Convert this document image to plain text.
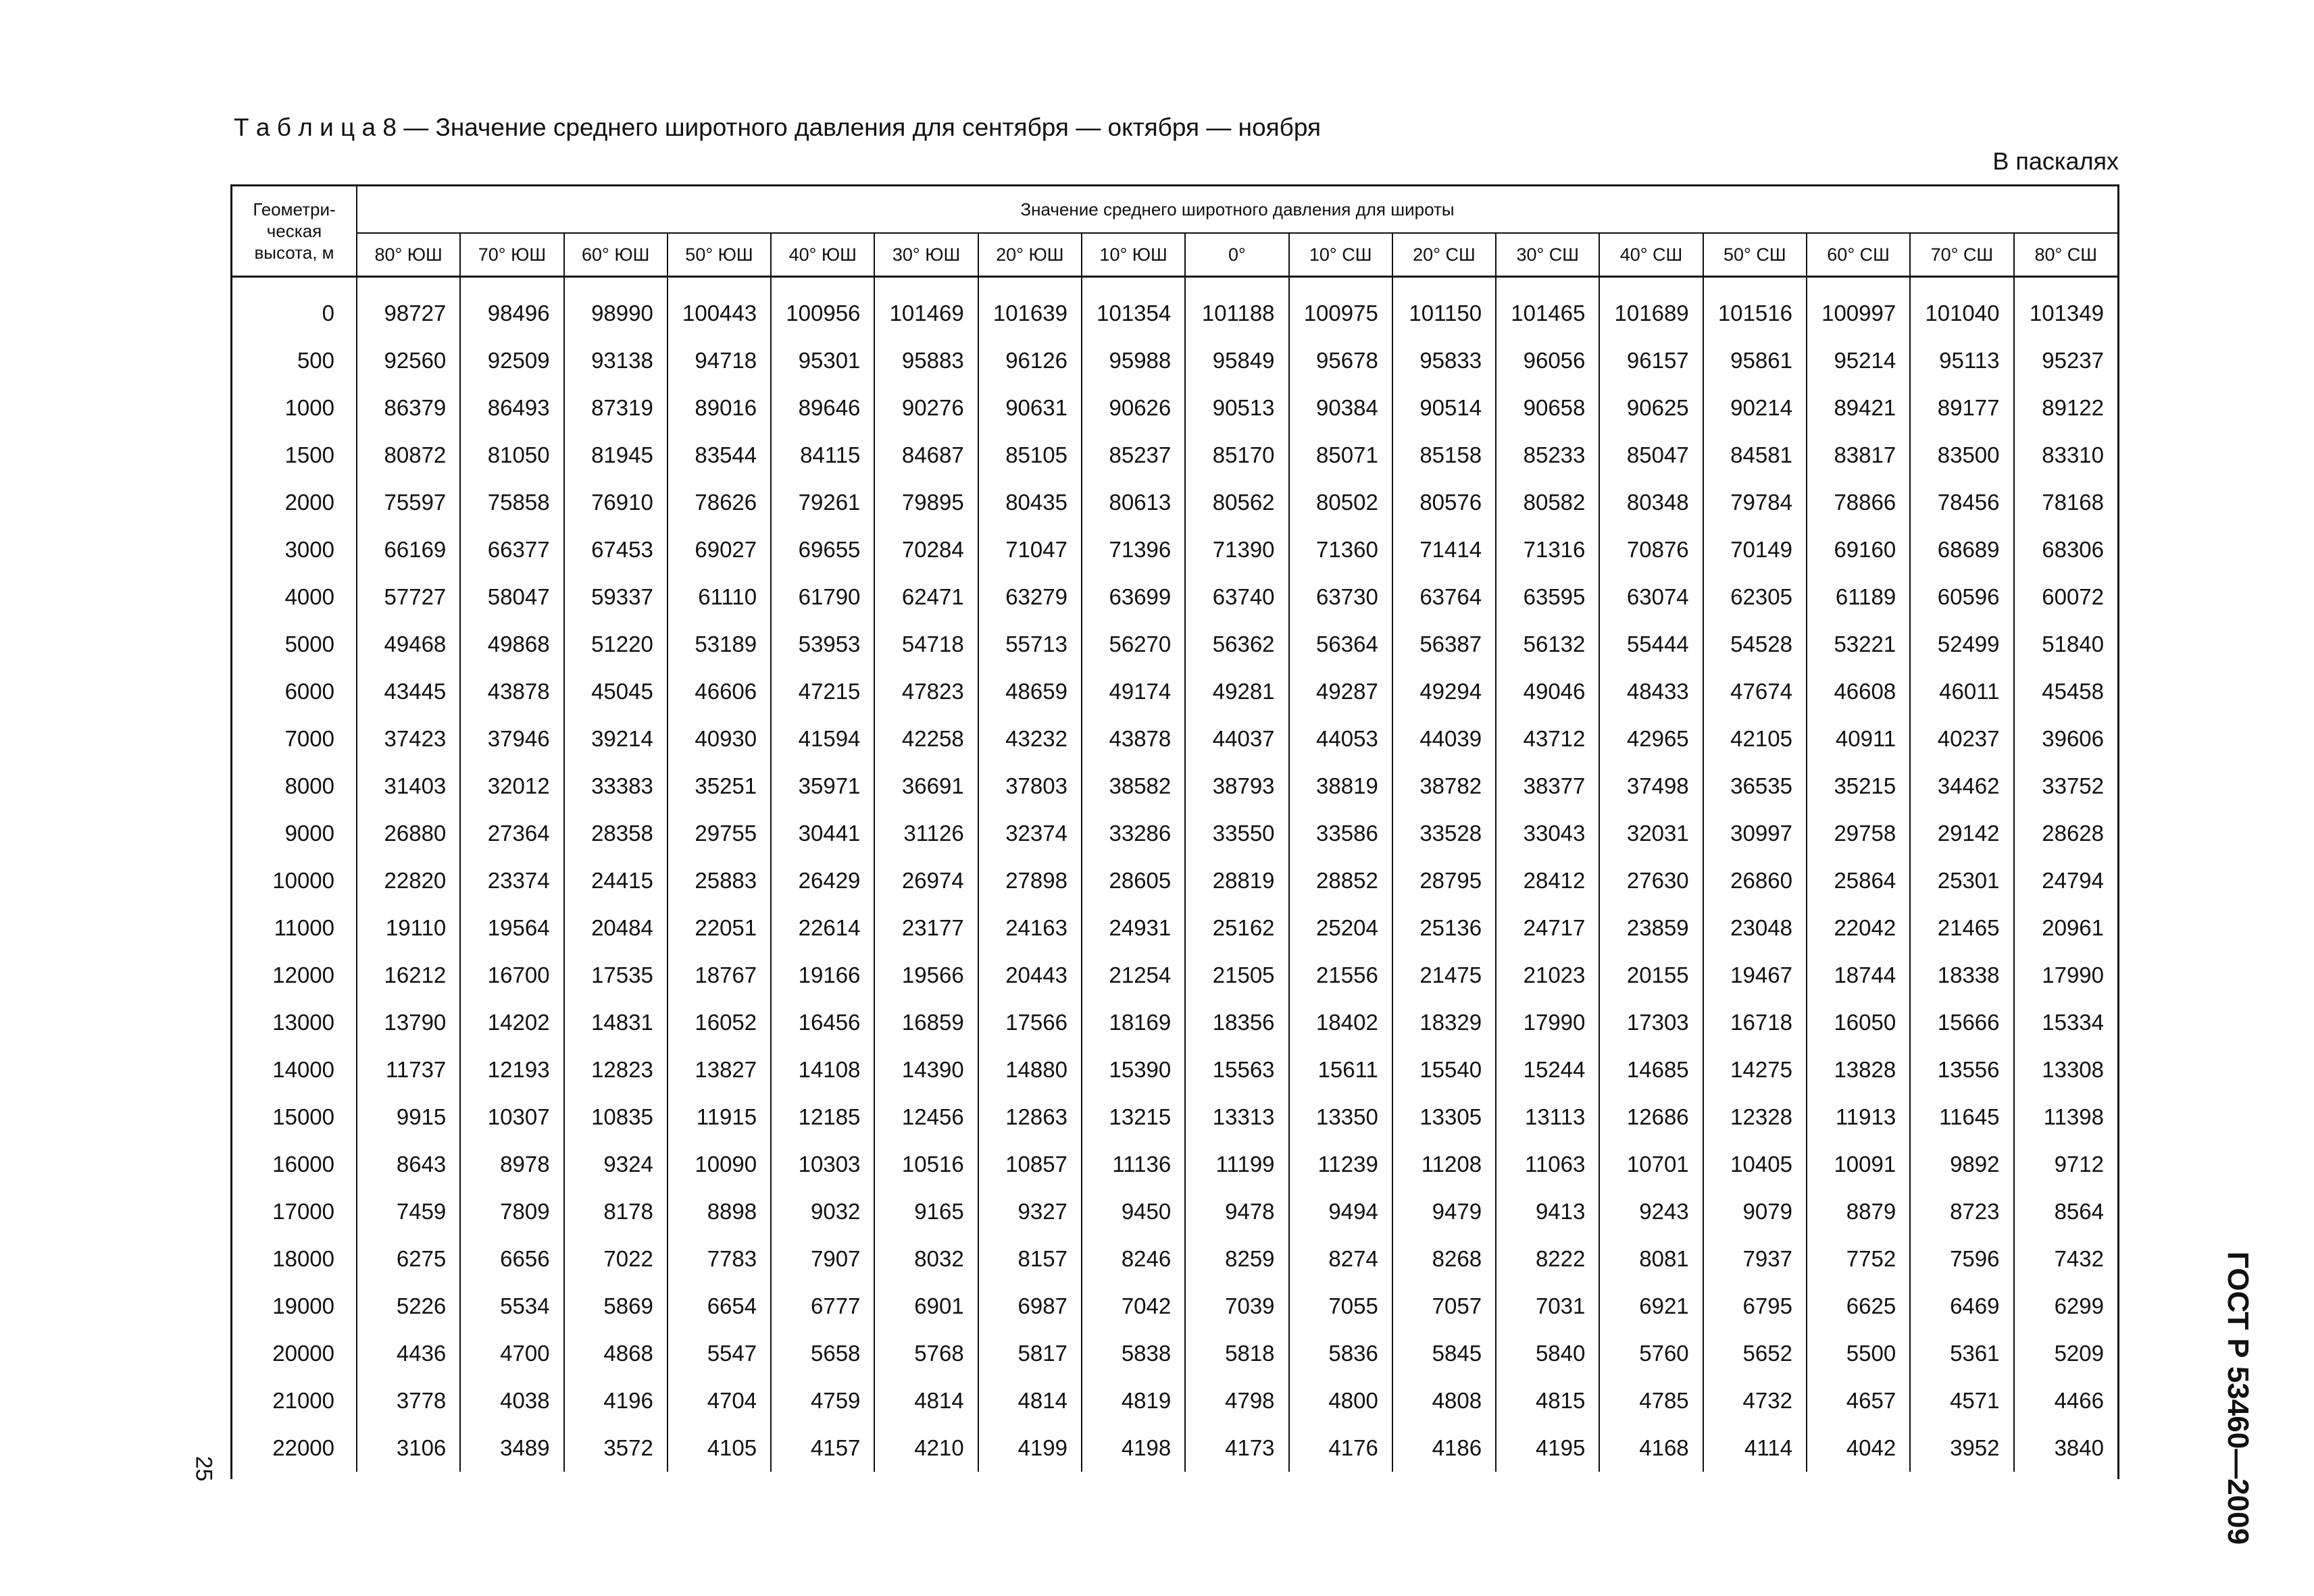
Т а б л и ц а 8 — Значение среднего широтного давления для сентября — октября — ноября
В паскалях
Геометри-
ческая
высота, м	Значение среднего широтного давления для широты																
	80° ЮШ	70° ЮШ	60° ЮШ	50° ЮШ	40° ЮШ	30° ЮШ	20° ЮШ	10° ЮШ	0°	10° СШ	20° СШ	30° СШ	40° СШ	50° СШ	60° СШ	70° СШ	80° СШ
0	98727	98496	98990	100443	100956	101469	101639	101354	101188	100975	101150	101465	101689	101516	100997	101040	101349
500	92560	92509	93138	94718	95301	95883	96126	95988	95849	95678	95833	96056	96157	95861	95214	95113	95237
1000	86379	86493	87319	89016	89646	90276	90631	90626	90513	90384	90514	90658	90625	90214	89421	89177	89122
1500	80872	81050	81945	83544	84115	84687	85105	85237	85170	85071	85158	85233	85047	84581	83817	83500	83310
2000	75597	75858	76910	78626	79261	79895	80435	80613	80562	80502	80576	80582	80348	79784	78866	78456	78168
3000	66169	66377	67453	69027	69655	70284	71047	71396	71390	71360	71414	71316	70876	70149	69160	68689	68306
4000	57727	58047	59337	61110	61790	62471	63279	63699	63740	63730	63764	63595	63074	62305	61189	60596	60072
5000	49468	49868	51220	53189	53953	54718	55713	56270	56362	56364	56387	56132	55444	54528	53221	52499	51840
6000	43445	43878	45045	46606	47215	47823	48659	49174	49281	49287	49294	49046	48433	47674	46608	46011	45458
7000	37423	37946	39214	40930	41594	42258	43232	43878	44037	44053	44039	43712	42965	42105	40911	40237	39606
8000	31403	32012	33383	35251	35971	36691	37803	38582	38793	38819	38782	38377	37498	36535	35215	34462	33752
9000	26880	27364	28358	29755	30441	31126	32374	33286	33550	33586	33528	33043	32031	30997	29758	29142	28628
10000	22820	23374	24415	25883	26429	26974	27898	28605	28819	28852	28795	28412	27630	26860	25864	25301	24794
11000	19110	19564	20484	22051	22614	23177	24163	24931	25162	25204	25136	24717	23859	23048	22042	21465	20961
12000	16212	16700	17535	18767	19166	19566	20443	21254	21505	21556	21475	21023	20155	19467	18744	18338	17990
13000	13790	14202	14831	16052	16456	16859	17566	18169	18356	18402	18329	17990	17303	16718	16050	15666	15334
14000	11737	12193	12823	13827	14108	14390	14880	15390	15563	15611	15540	15244	14685	14275	13828	13556	13308
15000	9915	10307	10835	11915	12185	12456	12863	13215	13313	13350	13305	13113	12686	12328	11913	11645	11398
16000	8643	8978	9324	10090	10303	10516	10857	11136	11199	11239	11208	11063	10701	10405	10091	9892	9712
17000	7459	7809	8178	8898	9032	9165	9327	9450	9478	9494	9479	9413	9243	9079	8879	8723	8564
18000	6275	6656	7022	7783	7907	8032	8157	8246	8259	8274	8268	8222	8081	7937	7752	7596	7432
19000	5226	5534	5869	6654	6777	6901	6987	7042	7039	7055	7057	7031	6921	6795	6625	6469	6299
20000	4436	4700	4868	5547	5658	5768	5817	5838	5818	5836	5845	5840	5760	5652	5500	5361	5209
21000	3778	4038	4196	4704	4759	4814	4814	4819	4798	4800	4808	4815	4785	4732	4657	4571	4466
22000	3106	3489	3572	4105	4157	4210	4199	4198	4173	4176	4186	4195	4168	4114	4042	3952	3840
25	ГОСТ Р 53460—2009
